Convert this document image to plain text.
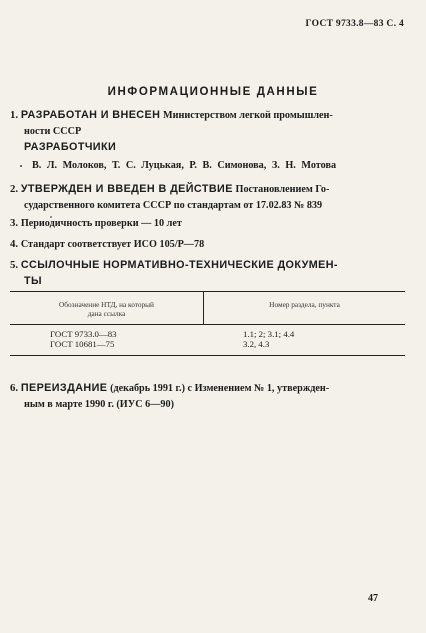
ГОСТ 9733.8—83 С. 4
ИНФОРМАЦИОННЫЕ ДАННЫЕ
1. РАЗРАБОТАН И ВНЕСЕН Министерством легкой промышлен-
ности СССР
РАЗРАБОТЧИКИ
В. Л. Молоков, Т. С. Луцькая, Р. В. Симонова, З. Н. Мотова
2. УТВЕРЖДЕН И ВВЕДЕН В ДЕЙСТВИЕ Постановлением Го-
сударственного комитета СССР по стандартам от 17.02.83 № 839
3. Периодичность проверки — 10 лет
4. Стандарт соответствует ИСО 105/Р—78
5. ССЫЛОЧНЫЕ НОРМАТИВНО-ТЕХНИЧЕСКИЕ ДОКУМЕН-
ТЫ
Обозначение НТД, на который
дана ссылка
Номер раздела, пункта
ГОСТ 9733.0—83
ГОСТ 10681—75
1.1; 2; 3.1; 4.4
3.2, 4.3
6. ПЕРЕИЗДАНИЕ (декабрь 1991 г.) с Изменением № 1, утвержден-
ным в марте 1990 г. (ИУС 6—90)
47
